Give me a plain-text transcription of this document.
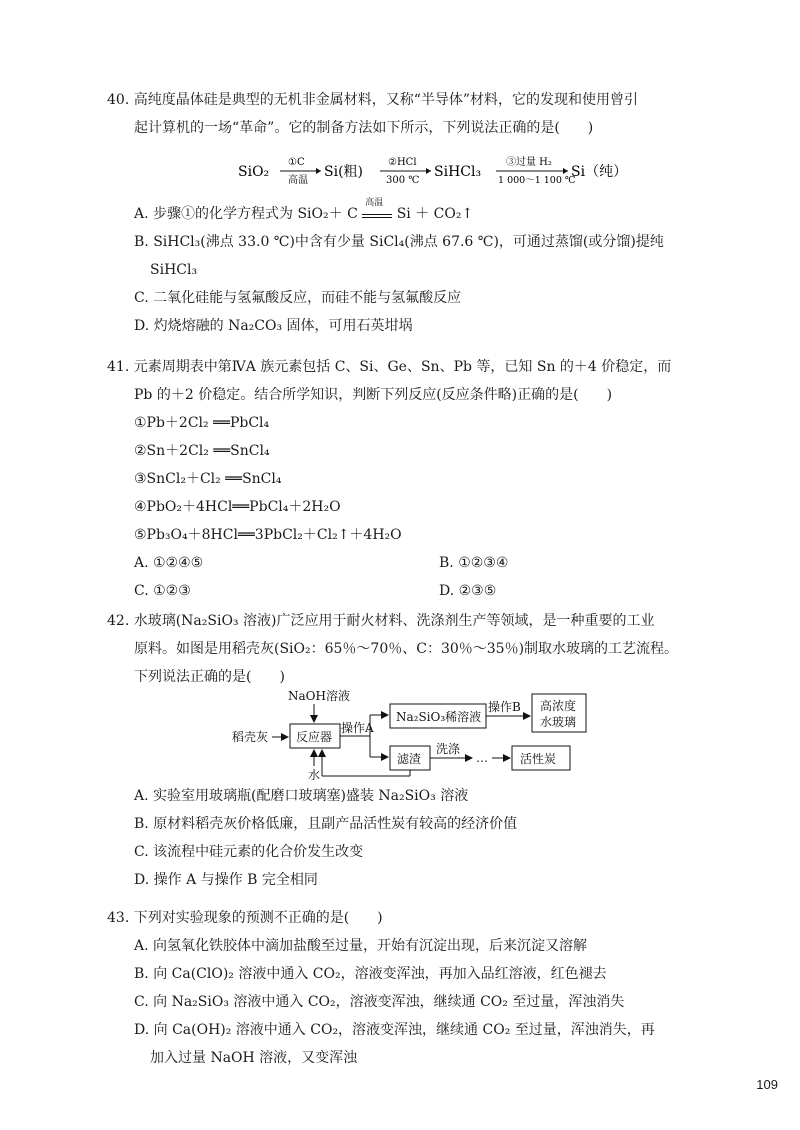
40. 高纯度晶体硅是典型的无机非金属材料，又称“半导体”材料，它的发现和使用曾引
起计算机的一场“革命”。它的制备方法如下所示，下列说法正确的是(　　)
SiO₂
①C
高温
Si(粗)
②HCl
300 ℃
SiHCl₃
③过量 H₂
1 000～1 100 ℃
Si（纯）
A. 步骤①的化学方程式为 SiO₂＋ C
高温
Si ＋ CO₂↑
B. SiHCl₃(沸点 33.0 ℃)中含有少量 SiCl₄(沸点 67.6 ℃)，可通过蒸馏(或分馏)提纯
SiHCl₃
C. 二氧化硅能与氢氟酸反应，而硅不能与氢氟酸反应
D. 灼烧熔融的 Na₂CO₃ 固体，可用石英坩埚
41. 元素周期表中第ⅣA 族元素包括 C、Si、Ge、Sn、Pb 等，已知 Sn 的＋4 价稳定，而
Pb 的＋2 价稳定。结合所学知识，判断下列反应(反应条件略)正确的是(　　)
①Pb＋2Cl₂ ══PbCl₄
②Sn＋2Cl₂ ══SnCl₄
③SnCl₂＋Cl₂ ══SnCl₄
④PbO₂＋4HCl══PbCl₄＋2H₂O
⑤Pb₃O₄＋8HCl══3PbCl₂＋Cl₂↑＋4H₂O
A. ①②④⑤	B. ①②③④
C. ①②③	D. ②③⑤
42. 水玻璃(Na₂SiO₃ 溶液)广泛应用于耐火材料、洗涤剂生产等领域，是一种重要的工业
原料。如图是用稻壳灰(SiO₂：65％～70％、C：30％～35％)制取水玻璃的工艺流程。
下列说法正确的是(　　)
NaOH溶液
稻壳灰 反应器
水
操作A
Na₂SiO₃稀溶液
操作B 高浓度
水玻璃
滤渣
洗涤
…	活性炭
A. 实验室用玻璃瓶(配磨口玻璃塞)盛装 Na₂SiO₃ 溶液
B. 原材料稻壳灰价格低廉，且副产品活性炭有较高的经济价值
C. 该流程中硅元素的化合价发生改变
D. 操作 A 与操作 B 完全相同
43. 下列对实验现象的预测不正确的是(　　)
A. 向氢氧化铁胶体中滴加盐酸至过量，开始有沉淀出现，后来沉淀又溶解
B. 向 Ca(ClO)₂ 溶液中通入 CO₂，溶液变浑浊，再加入品红溶液，红色褪去
C. 向 Na₂SiO₃ 溶液中通入 CO₂，溶液变浑浊，继续通 CO₂ 至过量，浑浊消失
D. 向 Ca(OH)₂ 溶液中通入 CO₂，溶液变浑浊，继续通 CO₂ 至过量，浑浊消失，再
加入过量 NaOH 溶液，又变浑浊
109
